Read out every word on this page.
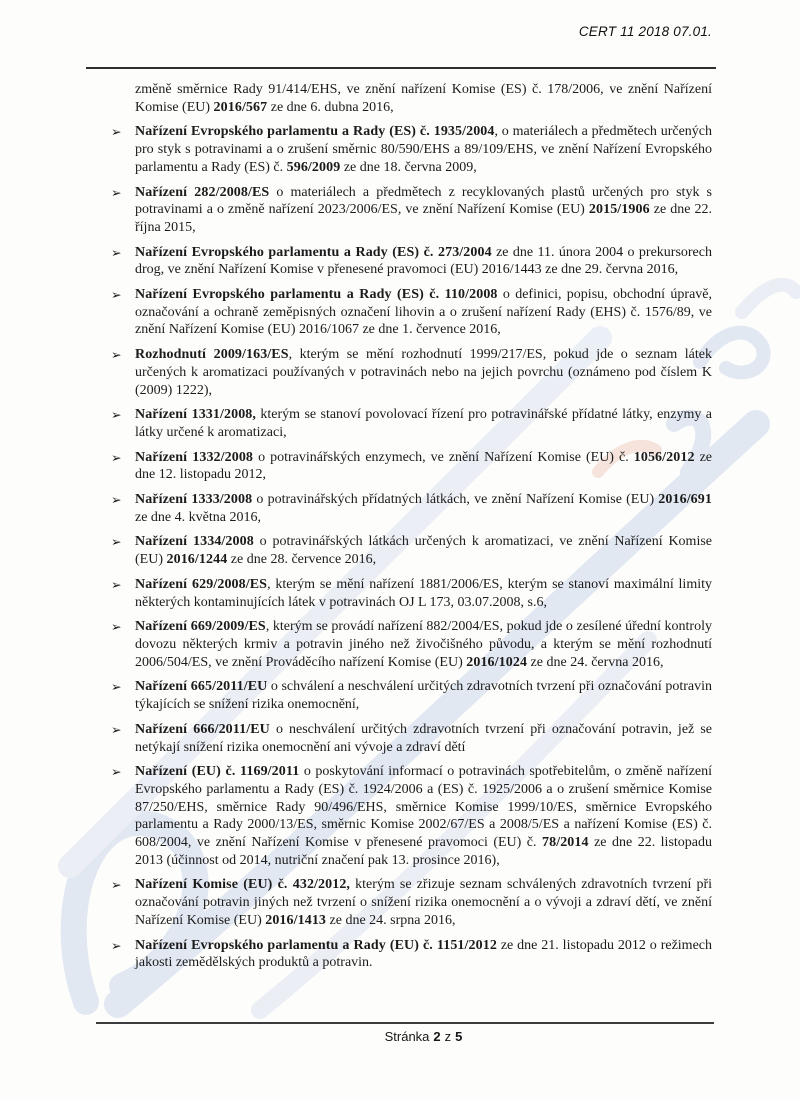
CERT 11 2018 07.01.

změně směrnice Rady 91/414/EHS, ve znění nařízení Komise (ES) č. 178/2006, ve znění Nařízení Komise (EU) 2016/567 ze dne 6. dubna 2016,

➢ Nařízení Evropského parlamentu a Rady (ES) č. 1935/2004, o materiálech a předmětech určených pro styk s potravinami a o zrušení směrnic 80/590/EHS a 89/109/EHS, ve znění Nařízení Evropského parlamentu a Rady (ES) č. 596/2009 ze dne 18. června 2009,
➢ Nařízení 282/2008/ES o materiálech a předmětech z recyklovaných plastů určených pro styk s potravinami a o změně nařízení 2023/2006/ES, ve znění Nařízení Komise (EU) 2015/1906 ze dne 22. října 2015,
➢ Nařízení Evropského parlamentu a Rady (ES) č. 273/2004 ze dne 11. února 2004 o prekursorech drog, ve znění Nařízení Komise v přenesené pravomoci (EU) 2016/1443 ze dne 29. června 2016,
➢ Nařízení Evropského parlamentu a Rady (ES) č. 110/2008 o definici, popisu, obchodní úpravě, označování a ochraně zeměpisných označení lihovin a o zrušení nařízení Rady (EHS) č. 1576/89, ve znění Nařízení Komise (EU) 2016/1067 ze dne 1. července 2016,
➢ Rozhodnutí 2009/163/ES, kterým se mění rozhodnutí 1999/217/ES, pokud jde o seznam látek určených k aromatizaci používaných v potravinách nebo na jejich povrchu (oznámeno pod číslem K (2009) 1222),
➢ Nařízení 1331/2008, kterým se stanoví povolovací řízení pro potravinářské přídatné látky, enzymy a látky určené k aromatizaci,
➢ Nařízení 1332/2008 o potravinářských enzymech, ve znění Nařízení Komise (EU) č. 1056/2012 ze dne 12. listopadu 2012,
➢ Nařízení 1333/2008 o potravinářských přídatných látkách, ve znění Nařízení Komise (EU) 2016/691 ze dne 4. května 2016,
➢ Nařízení 1334/2008 o potravinářských látkách určených k aromatizaci, ve znění Nařízení Komise (EU) 2016/1244 ze dne 28. července 2016,
➢ Nařízení 629/2008/ES, kterým se mění nařízení 1881/2006/ES, kterým se stanoví maximální limity některých kontaminujících látek v potravinách OJ L 173, 03.07.2008, s.6,
➢ Nařízení 669/2009/ES, kterým se provádí nařízení 882/2004/ES, pokud jde o zesílené úřední kontroly dovozu některých krmiv a potravin jiného než živočišného původu, a kterým se mění rozhodnutí 2006/504/ES, ve znění Prováděcího nařízení Komise (EU) 2016/1024 ze dne 24. června 2016,
➢ Nařízení 665/2011/EU o schválení a neschválení určitých zdravotních tvrzení při označování potravin týkajících se snížení rizika onemocnění,
➢ Nařízení 666/2011/EU o neschválení určitých zdravotních tvrzení při označování potravin, jež se netýkají snížení rizika onemocnění ani vývoje a zdraví dětí
➢ Nařízení (EU) č. 1169/2011 o poskytování informací o potravinách spotřebitelům, o změně nařízení Evropského parlamentu a Rady (ES) č. 1924/2006 a (ES) č. 1925/2006 a o zrušení směrnice Komise 87/250/EHS, směrnice Rady 90/496/EHS, směrnice Komise 1999/10/ES, směrnice Evropského parlamentu a Rady 2000/13/ES, směrnic Komise 2002/67/ES a 2008/5/ES a nařízení Komise (ES) č. 608/2004, ve znění Nařízení Komise v přenesené pravomoci (EU) č. 78/2014 ze dne 22. listopadu 2013 (účinnost od 2014, nutriční značení pak 13. prosince 2016),
➢ Nařízení Komise (EU) č. 432/2012, kterým se zřizuje seznam schválených zdravotních tvrzení při označování potravin jiných než tvrzení o snížení rizika onemocnění a o vývoji a zdraví dětí, ve znění Nařízení Komise (EU) 2016/1413 ze dne 24. srpna 2016,
➢ Nařízení Evropského parlamentu a Rady (EU) č. 1151/2012 ze dne 21. listopadu 2012 o režimech jakosti zemědělských produktů a potravin.
Stránka 2 z 5
